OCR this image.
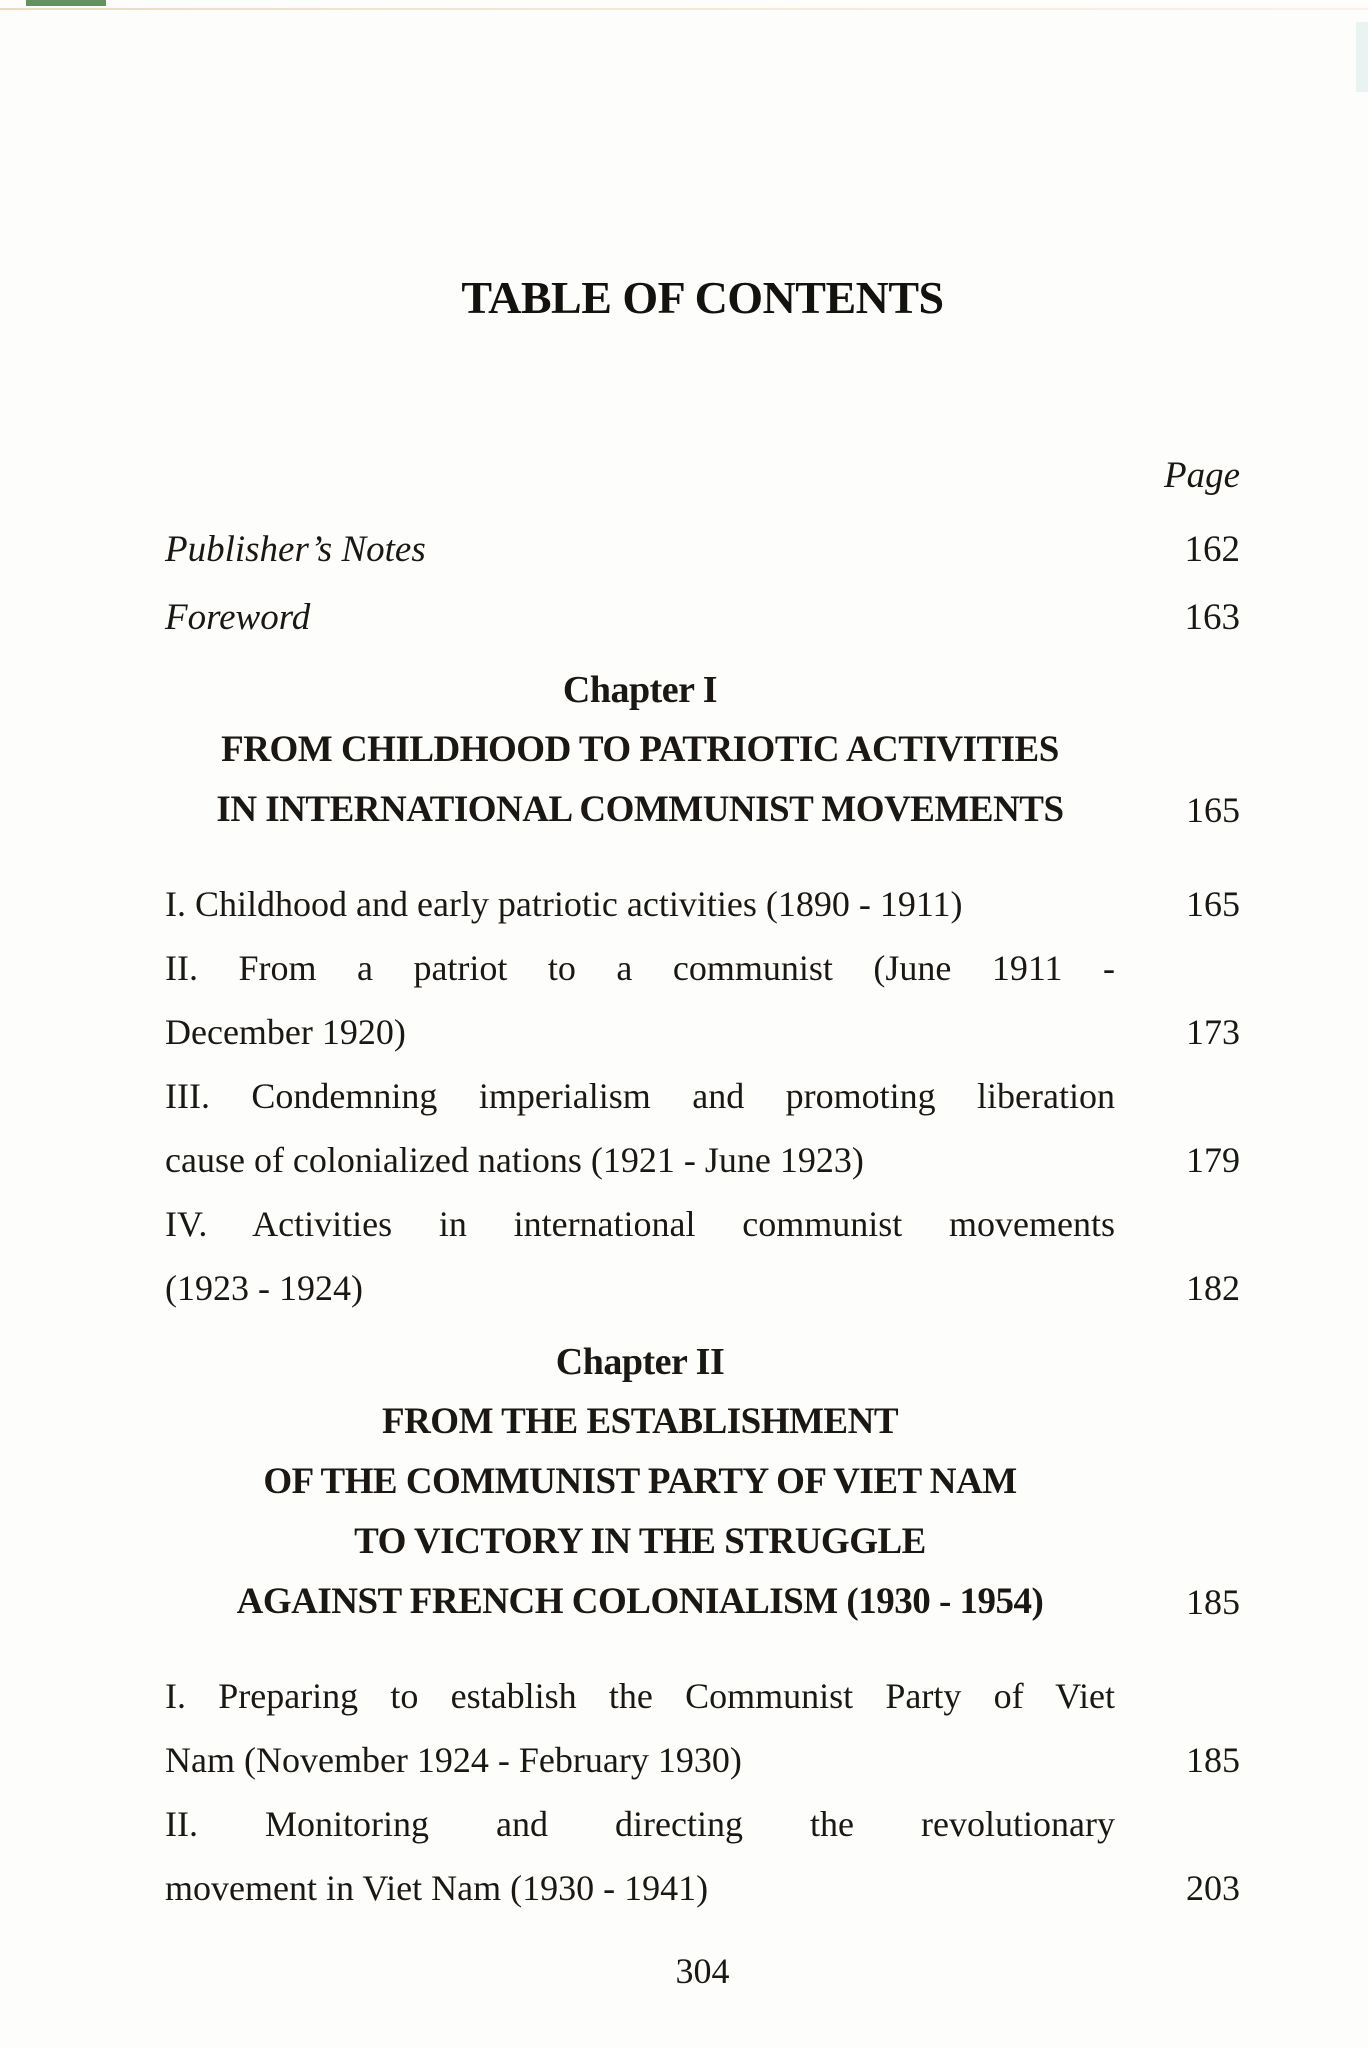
TABLE OF CONTENTS
Page
Publisher’s Notes	162
Foreword	163
Chapter I
FROM CHILDHOOD TO PATRIOTIC ACTIVITIES
IN INTERNATIONAL COMMUNIST MOVEMENTS	165
I. Childhood and early patriotic activities (1890 - 1911)	165
II. From a patriot to a communist (June 1911 -
December 1920)	173
III. Condemning imperialism and promoting liberation
cause of colonialized nations (1921 - June 1923)	179
IV. Activities in international communist movements
(1923 - 1924)	182
Chapter II
FROM THE ESTABLISHMENT
OF THE COMMUNIST PARTY OF VIET NAM
TO VICTORY IN THE STRUGGLE
AGAINST FRENCH COLONIALISM (1930 - 1954)	185
I. Preparing to establish the Communist Party of Viet
Nam (November 1924 - February 1930)	185
II. Monitoring and directing the revolutionary
movement in Viet Nam (1930 - 1941)	203
304
